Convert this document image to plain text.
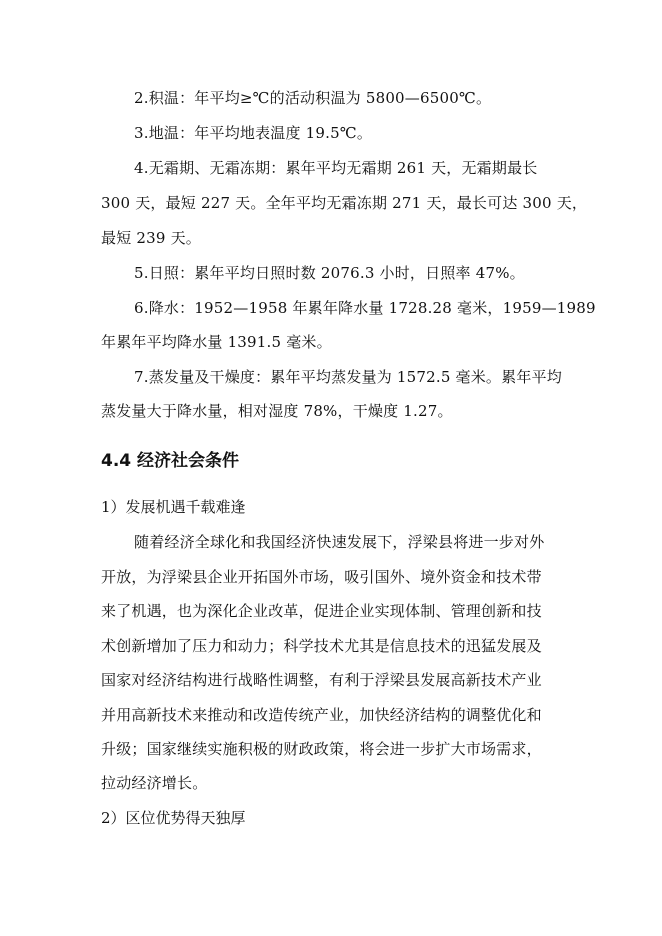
2.积温：年平均≥℃的活动积温为 5800—6500℃。
3.地温：年平均地表温度 19.5℃。
4.无霜期、无霜冻期：累年平均无霜期 261 天，无霜期最长
300 天，最短 227 天。全年平均无霜冻期 271 天，最长可达 300 天，
最短 239 天。
5.日照：累年平均日照时数 2076.3 小时，日照率 47%。
6.降水：1952—1958 年累年降水量 1728.28 毫米，1959—1989
年累年平均降水量 1391.5 毫米。
7.蒸发量及干燥度：累年平均蒸发量为 1572.5 毫米。累年平均
蒸发量大于降水量，相对湿度 78%，干燥度 1.27。
4.4 经济社会条件
1）发展机遇千载难逢
随着经济全球化和我国经济快速发展下，浮梁县将进一步对外
开放，为浮梁县企业开拓国外市场，吸引国外、境外资金和技术带
来了机遇，也为深化企业改革，促进企业实现体制、管理创新和技
术创新增加了压力和动力；科学技术尤其是信息技术的迅猛发展及
国家对经济结构进行战略性调整，有利于浮梁县发展高新技术产业
并用高新技术来推动和改造传统产业，加快经济结构的调整优化和
升级；国家继续实施积极的财政政策，将会进一步扩大市场需求，
拉动经济增长。
2）区位优势得天独厚
